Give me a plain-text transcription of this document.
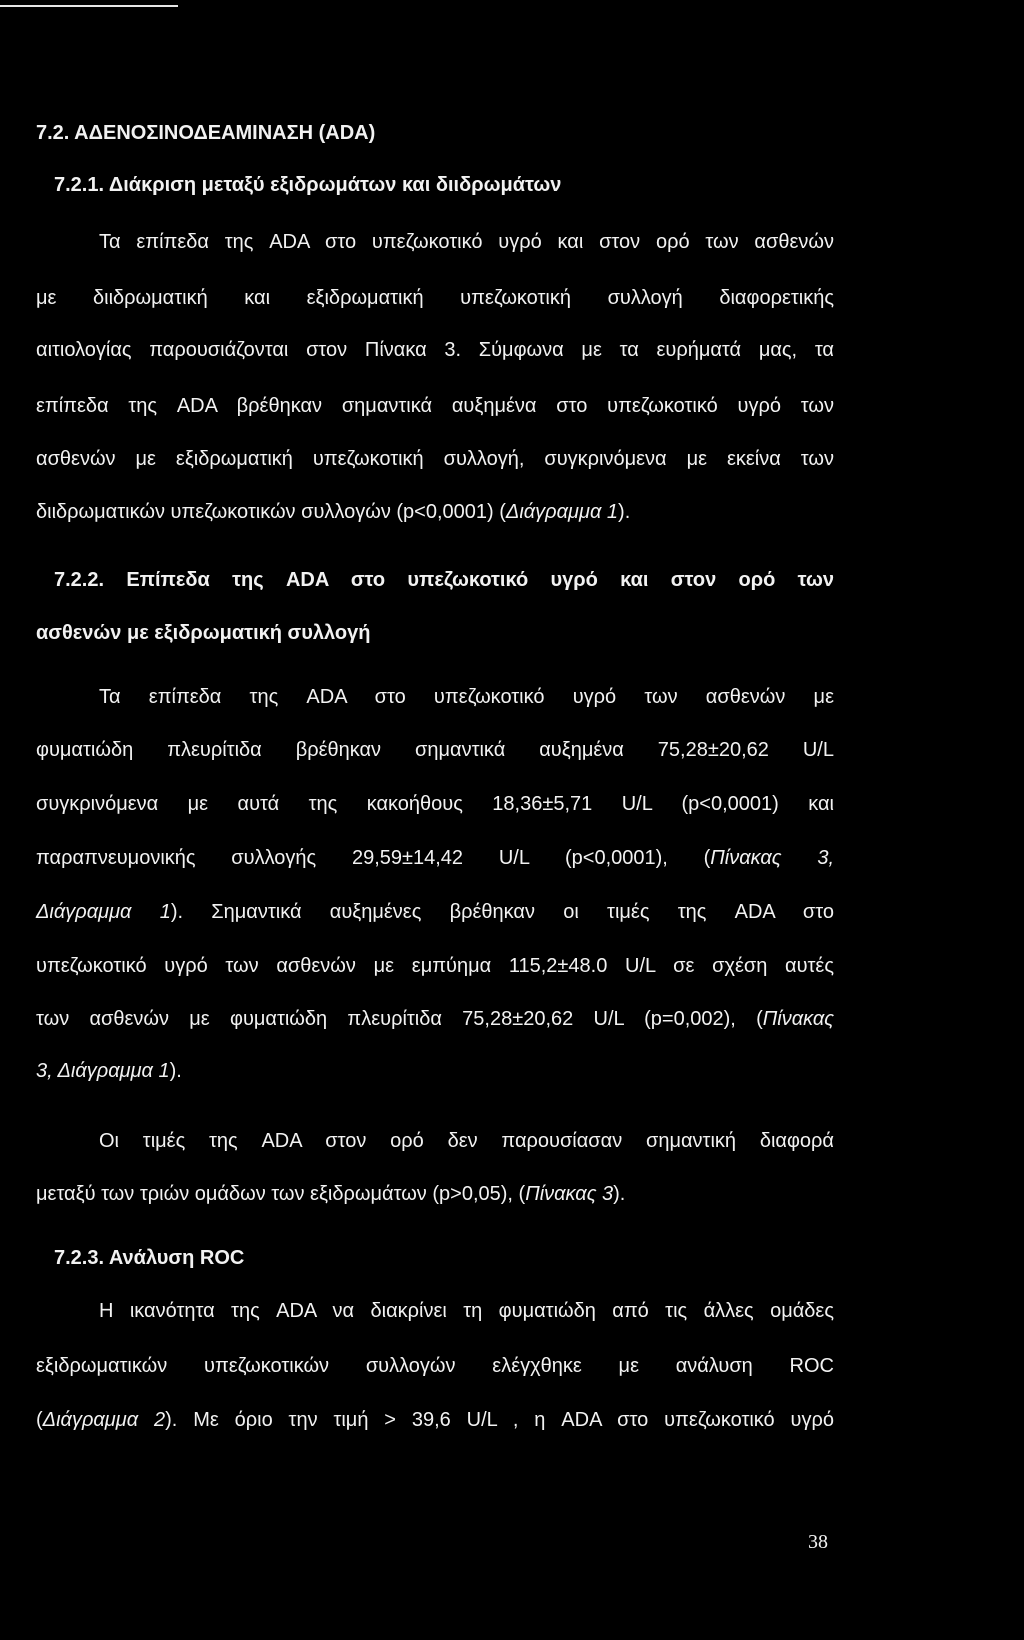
7.2. ΑΔΕΝΟΣΙΝΟΔΕΑΜΙΝΑΣΗ (ADA)
7.2.1. Διάκριση μεταξύ εξιδρωμάτων και διιδρωμάτων
Τα επίπεδα της ADA στο υπεζωκοτικό υγρό και στον ορό των ασθενών
με διιδρωματική και εξιδρωματική υπεζωκοτική συλλογή διαφορετικής
αιτιολογίας παρουσιάζονται στον Πίνακα 3. Σύμφωνα με τα ευρήματά μας, τα
επίπεδα της ADA βρέθηκαν σημαντικά αυξημένα στο υπεζωκοτικό υγρό των
ασθενών με εξιδρωματική υπεζωκοτική συλλογή, συγκρινόμενα με εκείνα των
διιδρωματικών υπεζωκοτικών συλλογών (p<0,0001) (Διάγραμμα 1).
7.2.2. Επίπεδα της ADA στο υπεζωκοτικό υγρό και στον ορό των
ασθενών με εξιδρωματική συλλογή
Τα επίπεδα της ADA στο υπεζωκοτικό υγρό των ασθενών με
φυματιώδη πλευρίτιδα βρέθηκαν σημαντικά αυξημένα 75,28±20,62 U/L
συγκρινόμενα με αυτά της κακοήθους 18,36±5,71 U/L (p<0,0001) και
παραπνευμονικής συλλογής 29,59±14,42 U/L (p<0,0001), (Πίνακας 3,
Διάγραμμα 1). Σημαντικά αυξημένες βρέθηκαν οι τιμές της ADA στο
υπεζωκοτικό υγρό των ασθενών με εμπύημα 115,2±48.0 U/L σε σχέση αυτές
των ασθενών με φυματιώδη πλευρίτιδα 75,28±20,62 U/L (p=0,002), (Πίνακας
3, Διάγραμμα 1).
Οι τιμές της ADA στον ορό δεν παρουσίασαν σημαντική διαφορά
μεταξύ των τριών ομάδων των εξιδρωμάτων (p>0,05), (Πίνακας 3).
7.2.3. Ανάλυση ROC
Η ικανότητα της ADA να διακρίνει τη φυματιώδη από τις άλλες ομάδες
εξιδρωματικών υπεζωκοτικών συλλογών ελέγχθηκε με ανάλυση ROC
(Διάγραμμα 2). Με όριο την τιμή > 39,6 U/L , η ADA στο υπεζωκοτικό υγρό
38
